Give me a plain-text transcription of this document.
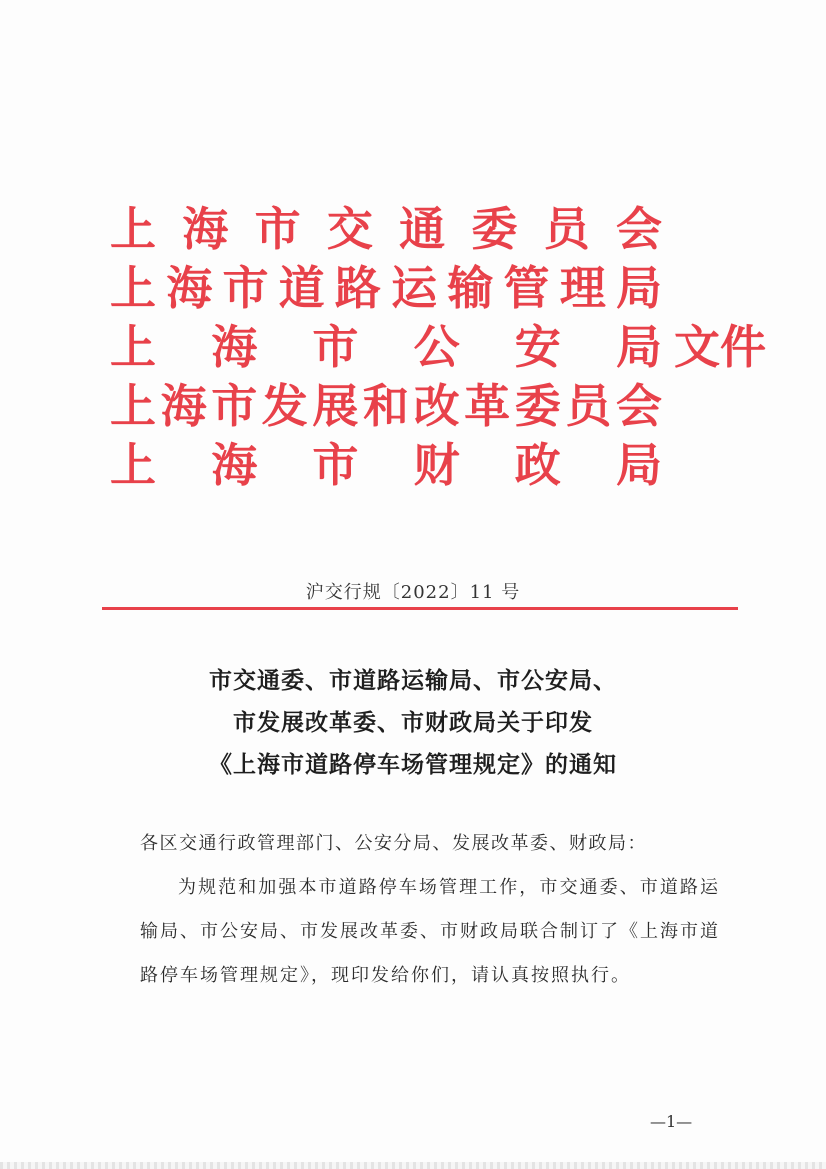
上 海 市 交 通 委 员 会
上 海 市 道 路 运 输 管 理 局
上 海 市 公 安 局 文件
上 海 市 发 展 和 改 革 委 员 会
上 海 市 财 政 局
沪交行规〔2022〕11 号
市交通委、市道路运输局、市公安局、
市发展改革委、市财政局关于印发
《上海市道路停车场管理规定》的通知

各区交通行政管理部门、公安分局、发展改革委、财政局：

为规范和加强本市道路停车场管理工作，市交通委、市道路运输局、市公安局、市发展改革委、市财政局联合制订了《上海市道路停车场管理规定》，现印发给你们，请认真按照执行。

—1—
